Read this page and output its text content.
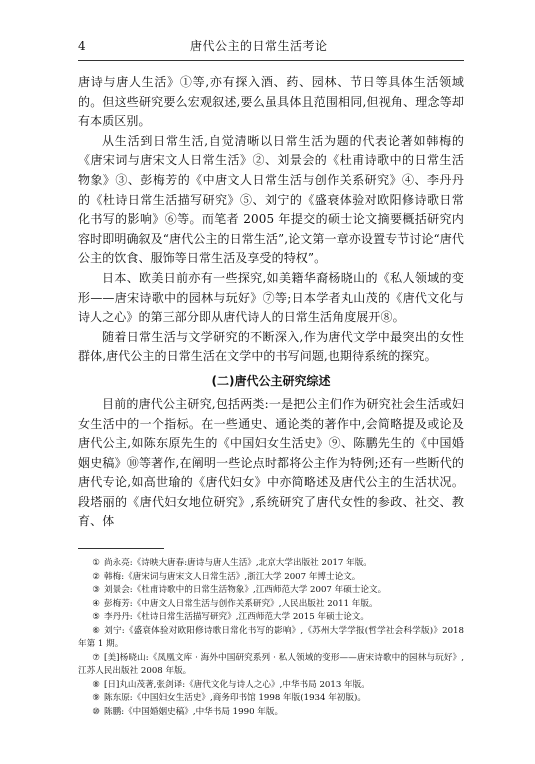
4	唐代公主的日常生活考论

唐诗与唐人生活》①等,亦有探入酒、药、园林、节日等具体生活领域的。但这些研究要么宏观叙述,要么虽具体且范围相同,但视角、理念等却有本质区别。

从生活到日常生活,自觉清晰以日常生活为题的代表论著如韩梅的《唐宋词与唐宋文人日常生活》②、刘景会的《杜甫诗歌中的日常生活物象》③、彭梅芳的《中唐文人日常生活与创作关系研究》④、李丹丹的《杜诗日常生活描写研究》⑤、刘宁的《盛衰体验对欧阳修诗歌日常化书写的影响》⑥等。而笔者 2005 年提交的硕士论文摘要概括研究内容时即明确叙及“唐代公主的日常生活”,论文第一章亦设置专节讨论“唐代公主的饮食、服饰等日常生活及享受的特权”。

日本、欧美日前亦有一些探究,如美籍华裔杨晓山的《私人领域的变形——唐宋诗歌中的园林与玩好》⑦等;日本学者丸山茂的《唐代文化与诗人之心》的第三部分即从唐代诗人的日常生活角度展开⑧。

随着日常生活与文学研究的不断深入,作为唐代文学中最突出的女性群体,唐代公主的日常生活在文学中的书写问题,也期待系统的探究。

(二)唐代公主研究综述

目前的唐代公主研究,包括两类:一是把公主们作为研究社会生活或妇女生活中的一个指标。在一些通史、通论类的著作中,会简略提及或论及唐代公主,如陈东原先生的《中国妇女生活史》⑨、陈鹏先生的《中国婚姻史稿》⑩等著作,在阐明一些论点时都将公主作为特例;还有一些断代的唐代专论,如高世瑜的《唐代妇女》中亦简略述及唐代公主的生活状况。段塔丽的《唐代妇女地位研究》,系统研究了唐代女性的参政、社交、教育、体

① 尚永亮:《诗映大唐春:唐诗与唐人生活》,北京大学出版社 2017 年版。

② 韩梅:《唐宋词与唐宋文人日常生活》,浙江大学 2007 年博士论文。

③ 刘景会:《杜甫诗歌中的日常生活物象》,江西师范大学 2007 年硕士论文。

④ 彭梅芳:《中唐文人日常生活与创作关系研究》,人民出版社 2011 年版。

⑤ 李丹丹:《杜诗日常生活描写研究》,江西师范大学 2015 年硕士论文。

⑥ 刘宁:《盛衰体验对欧阳修诗歌日常化书写的影响》,《苏州大学学报(哲学社会科学版)》2018 年第 1 期。

⑦ [美]杨晓山:《凤凰文库 · 海外中国研究系列 · 私人领域的变形——唐宋诗歌中的园林与玩好》,江苏人民出版社 2008 年版。

⑧ [日]丸山茂著,张剑译:《唐代文化与诗人之心》,中华书局 2013 年版。

⑨ 陈东原:《中国妇女生活史》,商务印书馆 1998 年版(1934 年初版)。

⑩ 陈鹏:《中国婚姻史稿》,中华书局 1990 年版。
